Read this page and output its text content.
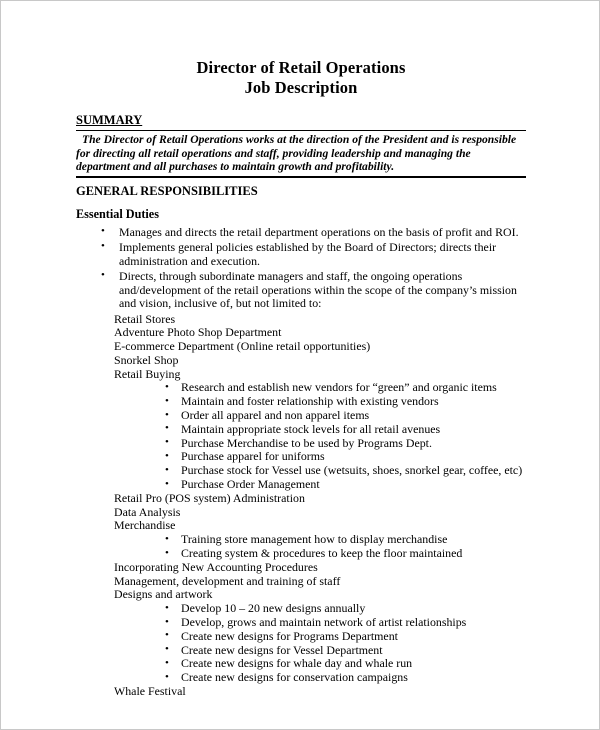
Director of Retail Operations
Job Description
SUMMARY

The Director of Retail Operations works at the direction of the President and is responsible for directing all retail operations and staff, providing leadership and managing the department and all purchases to maintain growth and profitability.

GENERAL RESPONSIBILITIES
Essential Duties
• Manages and directs the retail department operations on the basis of profit and ROI.
• Implements general policies established by the Board of Directors; directs their administration and execution.
• Directs, through subordinate managers and staff, the ongoing operations and/development of the retail operations within the scope of the company’s mission and vision, inclusive of, but not limited to:
Retail Stores
Adventure Photo Shop Department
E-commerce Department (Online retail opportunities)
Snorkel Shop
Retail Buying
• Research and establish new vendors for “green” and organic items
• Maintain and foster relationship with existing vendors
• Order all apparel and non apparel items
• Maintain appropriate stock levels for all retail avenues
• Purchase Merchandise to be used by Programs Dept.
• Purchase apparel for uniforms
• Purchase stock for Vessel use (wetsuits, shoes, snorkel gear, coffee, etc)
• Purchase Order Management
Retail Pro (POS system) Administration
Data Analysis
Merchandise
• Training store management how to display merchandise
• Creating system & procedures to keep the floor maintained
Incorporating New Accounting Procedures
Management, development and training of staff
Designs and artwork
• Develop 10 – 20 new designs annually
• Develop, grows and maintain network of artist relationships
• Create new designs for Programs Department
• Create new designs for Vessel Department
• Create new designs for whale day and whale run
• Create new designs for conservation campaigns
Whale Festival
